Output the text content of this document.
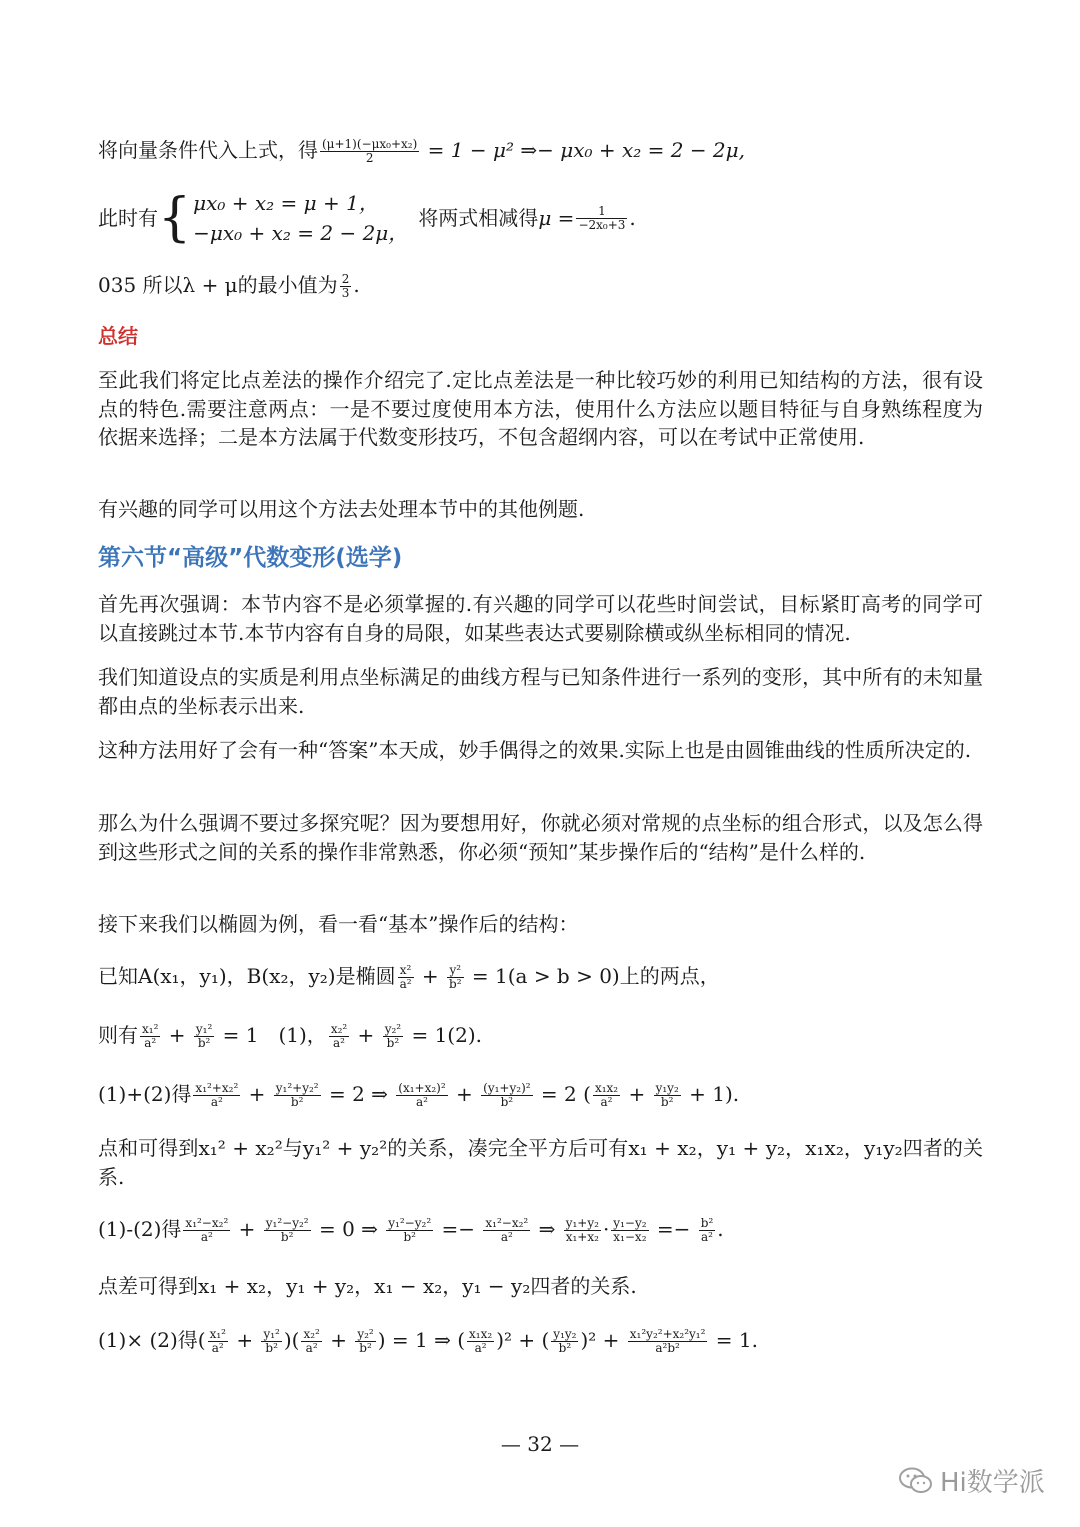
将向量条件代入上式，得 $\frac{\text{(μ+1)(−μx₀+x₂)}}{2} = 1 - \mu^2$ ⇒− μx₀ + x₂ = 2 − 2μ,
此时有 { μx₀ + x₂ = μ + 1，
−μx₀ + x₂ = 2 − 2μ，
将两式相减得 $\mu = \frac{1}{\text{−2x₀+3}}$ .
035 所以λ + μ的最小值为 $\frac{2}{3}$ .
总结
至此我们将定比点差法的操作介绍完了.定比点差法是一种比较巧妙的利用已知结构的方法，很有设点的特色.需要注意两点：一是不要过度使用本方法，使用什么方法应以题目特征与自身熟练程度为依据来选择；二是本方法属于代数变形技巧，不包含超纲内容，可以在考试中正常使用.
有兴趣的同学可以用这个方法去处理本节中的其他例题.
第六节“高级”代数变形(选学)
首先再次强调：本节内容不是必须掌握的.有兴趣的同学可以花些时间尝试，目标紧盯高考的同学可以直接跳过本节.本节内容有自身的局限，如某些表达式要剔除横或纵坐标相同的情况.
我们知道设点的实质是利用点坐标满足的曲线方程与已知条件进行一系列的变形，其中所有的未知量都由点的坐标表示出来.
这种方法用好了会有一种“答案”本天成，妙手偶得之的效果.实际上也是由圆锥曲线的性质所决定的.
那么为什么强调不要过多探究呢？因为要想用好，你就必须对常规的点坐标的组合形式，以及怎么得到这些形式之间的关系的操作非常熟悉，你必须“预知”某步操作后的“结构”是什么样的.
接下来我们以椭圆为例，看一看“基本”操作后的结构：
已知A(x₁，y₁)，B(x₂，y₂)是椭圆 $\frac{\text{x²}}{\text{a²}} + \frac{\text{y²}}{\text{b²}} = 1(a > b > 0)$上的两点，
则有 $\frac{\text{x₁²}}{\text{a²}} + \frac{\text{y₁²}}{\text{b²}} = 1$　(1)， $\frac{\text{x₂²}}{\text{a²}} + \frac{\text{y₂²}}{\text{b²}} = 1(2)$.
(1)+(2)得 $\frac{\text{x₁²+x₂²}}{\text{a²}} + \frac{\text{y₁²+y₂²}}{\text{b²}} = 2$ ⇒ $\frac{\text{(x₁+x₂)²}}{\text{a²}} + \frac{\text{(y₁+y₂)²}}{\text{b²}} = 2$ ( $\frac{\text{x₁x₂}}{\text{a²}} + \frac{\text{y₁y₂}}{\text{b²}} + 1$).
点和可得到x₁² + x₂²与y₁² + y₂²的关系，凑完全平方后可有x₁ + x₂，y₁ + y₂，x₁x₂，y₁y₂四者的关系.
(1)-(2)得 $\frac{\text{x₁²−x₂²}}{\text{a²}} + \frac{\text{y₁²−y₂²}}{\text{b²}} = 0$ ⇒ $\frac{\text{y₁²−y₂²}}{\text{b²}} =- \frac{\text{x₁²−x₂²}}{\text{a²}}$ ⇒ $\frac{\text{y₁+y₂}}{\text{x₁+x₂}} \cdot \frac{\text{y₁−y₂}}{\text{x₁−x₂}} =- \frac{\text{b²}}{\text{a²}}$ .
点差可得到x₁ + x₂，y₁ + y₂，x₁ − x₂，y₁ − y₂四者的关系.
(1)× (2)得( $\frac{\text{x₁²}}{\text{a²}} + \frac{\text{y₁²}}{\text{b²}}$ )( $\frac{\text{x₂²}}{\text{a²}} + \frac{\text{y₂²}}{\text{b²}}$ ) = 1 ⇒ ( $\frac{\text{x₁x₂}}{\text{a²}} )^2$ + ( $\frac{\text{y₁y₂}}{\text{b²}} )^2 + \frac{\text{x₁²y₂²+x₂²y₁²}}{\text{a²b²}} = 1$.
— 32 —
Hi数学派
